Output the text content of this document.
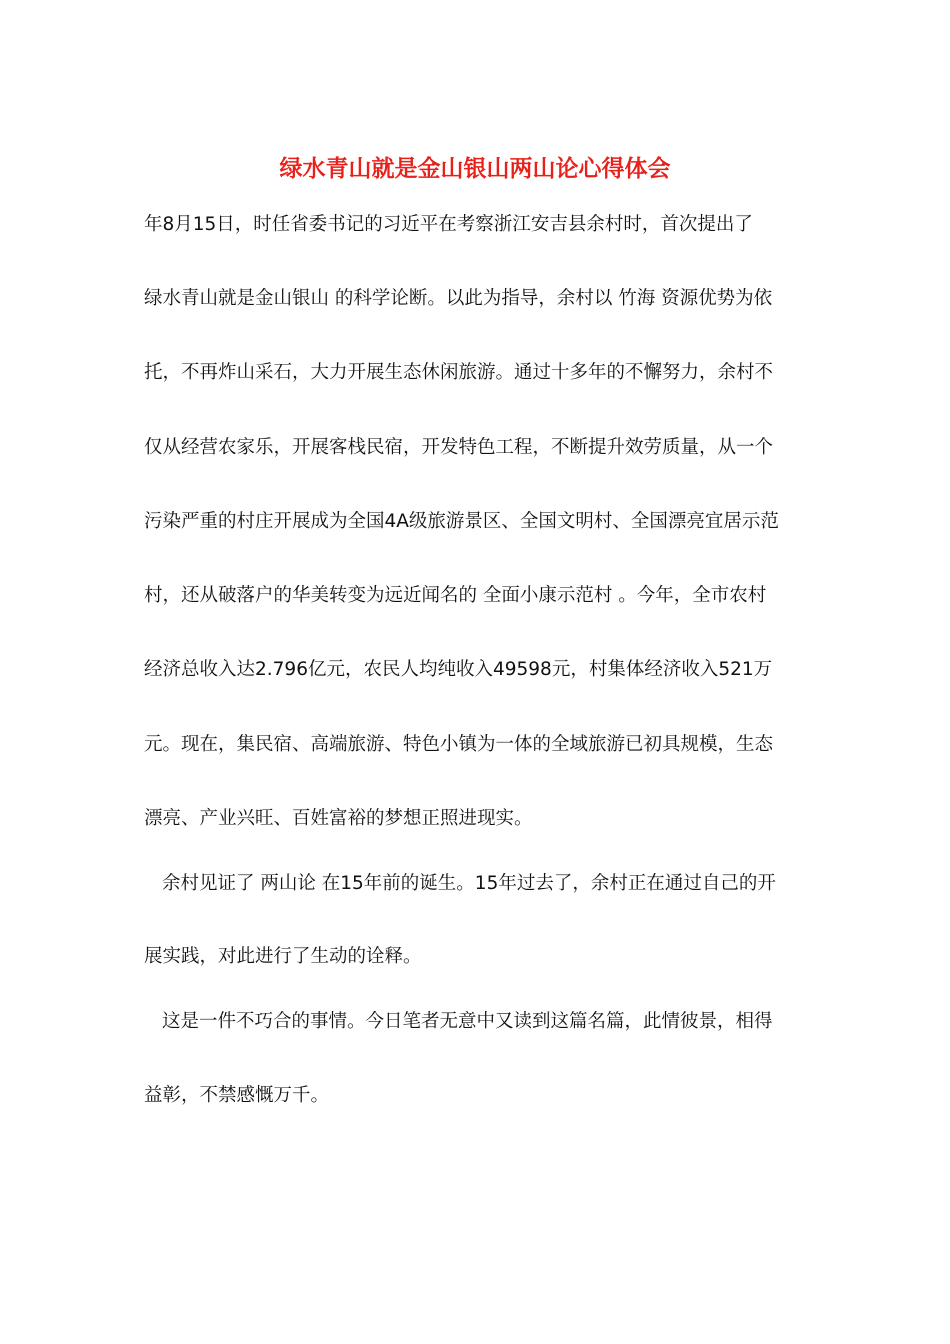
绿水青山就是金山银山两山论心得体会

年8月15日，时任省委书记的习近平在考察浙江安吉县余村时，首次提出了

绿水青山就是金山银山 的科学论断。以此为指导，余村以 竹海 资源优势为依

托，不再炸山采石，大力开展生态休闲旅游。通过十多年的不懈努力，余村不

仅从经营农家乐，开展客栈民宿，开发特色工程，不断提升效劳质量，从一个

污染严重的村庄开展成为全国4A级旅游景区、全国文明村、全国漂亮宜居示范

村，还从破落户的华美转变为远近闻名的 全面小康示范村 。今年，全市农村

经济总收入达2.796亿元，农民人均纯收入49598元，村集体经济收入521万

元。现在，集民宿、高端旅游、特色小镇为一体的全域旅游已初具规模，生态

漂亮、产业兴旺、百姓富裕的梦想正照进现实。

余村见证了 两山论 在15年前的诞生。15年过去了，余村正在通过自己的开

展实践，对此进行了生动的诠释。

这是一件不巧合的事情。今日笔者无意中又读到这篇名篇，此情彼景，相得

益彰，不禁感慨万千。
